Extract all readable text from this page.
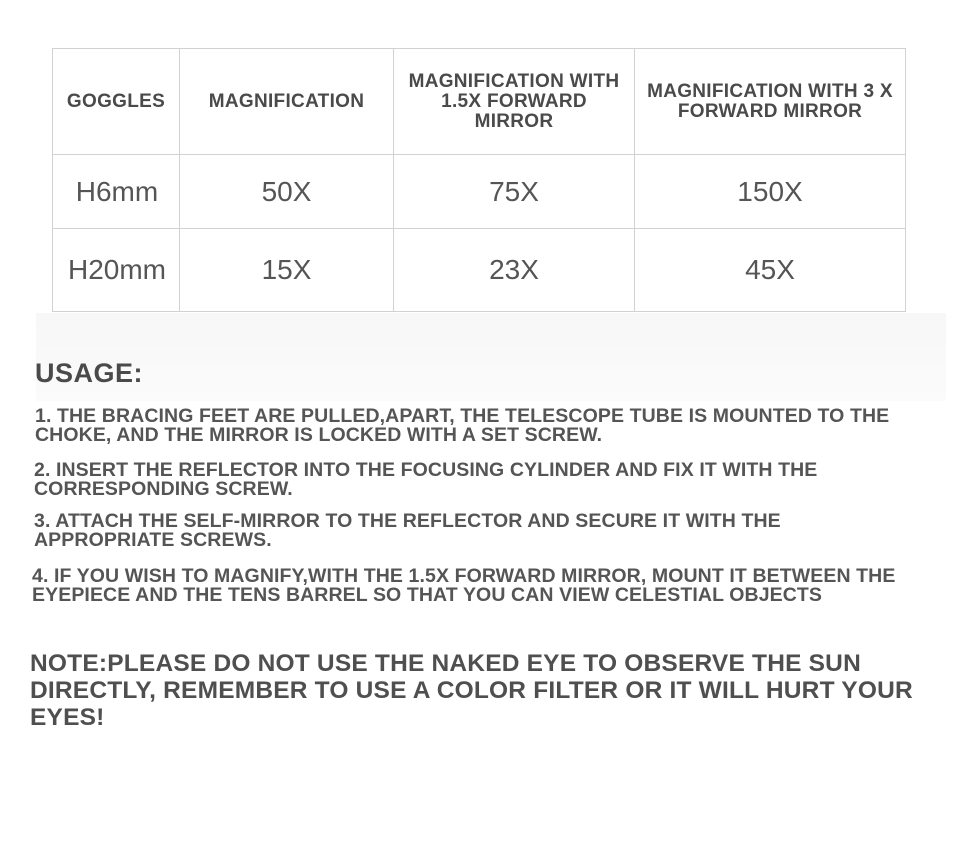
GOGGLES	MAGNIFICATION	MAGNIFICATION WITH 1.5X FORWARD MIRROR	MAGNIFICATION WITH 3 X FORWARD MIRROR
H6mm	50X	75X	150X
H20mm	15X	23X	45X
USAGE:

1. THE BRACING FEET ARE PULLED,APART, THE TELESCOPE TUBE IS MOUNTED TO THE CHOKE, AND THE MIRROR IS LOCKED WITH A SET SCREW.

2. INSERT THE REFLECTOR INTO THE FOCUSING CYLINDER AND FIX IT WITH THE CORRESPONDING SCREW.

3. ATTACH THE SELF-MIRROR TO THE REFLECTOR AND SECURE IT WITH THE APPROPRIATE SCREWS.

4. IF YOU WISH TO MAGNIFY,WITH THE 1.5X FORWARD MIRROR, MOUNT IT BETWEEN THE EYEPIECE AND THE TENS BARREL SO THAT YOU CAN VIEW CELESTIAL OBJECTS

NOTE:PLEASE DO NOT USE THE NAKED EYE TO OBSERVE THE SUN DIRECTLY, REMEMBER TO USE A COLOR FILTER OR IT WILL HURT YOUR EYES!
